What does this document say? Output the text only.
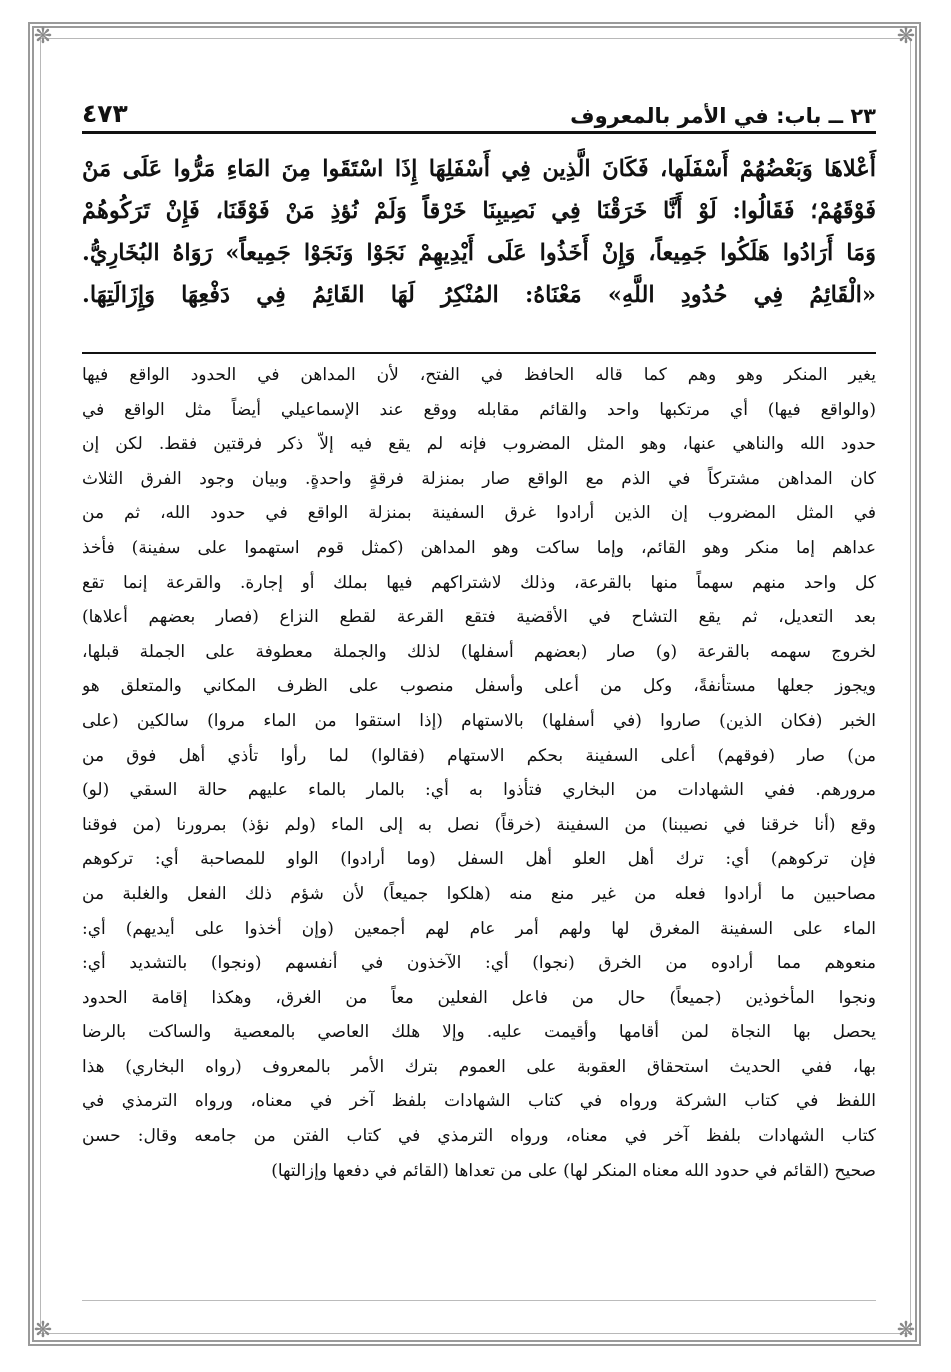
❋	❋
❋	❋
٢٣ ــ باب: في الأمر بالمعروف
٤٧٣

أَعْلاهَا وَبَعْضُهُمْ أَسْفَلَها، فَكَانَ الَّذِين فِي أَسْفَلِهَا إِذَا اسْتَقَوا مِنَ المَاءِ مَرُّوا عَلَى مَنْ

فَوْقَهُمْ؛ فَقَالُوا: لَوْ أَنَّا خَرَقْنَا فِي نَصِيبِنَا خَرْقاً وَلَمْ نُؤذِ مَنْ فَوْقَنَا، فَإِنْ تَرَكُوهُمْ

وَمَا أَرَادُوا هَلَكُوا جَمِيعاً، وَإِنْ أَخَذُوا عَلَى أَيْدِيهِمْ نَجَوْا وَنَجَوْا جَمِيعاً» رَوَاهُ البُخَارِيُّ.

«الْقَائِمُ فِي حُدُودِ اللَّهِ» مَعْنَاهُ: المُنْكِرُ لَهَا القَائِمُ فِي دَفْعِهَا وَإِزَالَتِهَا.

يغير المنكر وهو وهم كما قاله الحافظ في الفتح، لأن المداهن في الحدود الواقع فيها

(والواقع فيها) أي مرتكبها واحد والقائم مقابله ووقع عند الإسماعيلي أيضاً مثل الواقع في

حدود الله والناهي عنها، وهو المثل المضروب فإنه لم يقع فيه إلاّ ذكر فرقتين فقط. لكن إن

كان المداهن مشتركاً في الذم مع الواقع صار بمنزلة فرقةٍ واحدةٍ. وبيان وجود الفرق الثلاث

في المثل المضروب إن الذين أرادوا غرق السفينة بمنزلة الواقع في حدود الله، ثم من

عداهم إما منكر وهو القائم، وإما ساكت وهو المداهن (كمثل قوم استهموا على سفينة) فأخذ

كل واحد منهم سهماً منها بالقرعة، وذلك لاشتراكهم فيها بملك أو إجارة. والقرعة إنما تقع

بعد التعديل، ثم يقع التشاح في الأقضية فتقع القرعة لقطع النزاع (فصار بعضهم أعلاها)

لخروج سهمه بالقرعة (و) صار (بعضهم أسفلها) لذلك والجملة معطوفة على الجملة قبلها،

ويجوز جعلها مستأنفةً، وكل من أعلى وأسفل منصوب على الظرف المكاني والمتعلق هو

الخبر (فكان الذين) صاروا (في أسفلها) بالاستهام (إذا استقوا من الماء مروا) سالكين (على

من) صار (فوقهم) أعلى السفينة بحكم الاستهام (فقالوا) لما رأوا تأذي أهل فوق من

مرورهم. ففي الشهادات من البخاري فتأذوا به أي: بالمار بالماء عليهم حالة السقي (لو)

وقع (أنا خرقنا في نصيبنا) من السفينة (خرقاً) نصل به إلى الماء (ولم نؤذ) بمرورنا (من فوقنا

فإن تركوهم) أي: ترك أهل العلو أهل السفل (وما أرادوا) الواو للمصاحبة أي: تركوهم

مصاحبين ما أرادوا فعله من غير منع منه (هلكوا جميعاً) لأن شؤم ذلك الفعل والغلبة من

الماء على السفينة المغرق لها ولهم أمر عام لهم أجمعين (وإن أخذوا على أيديهم) أي:

منعوهم مما أرادوه من الخرق (نجوا) أي: الآخذون في أنفسهم (ونجوا) بالتشديد أي:

ونجوا المأخوذين (جميعاً) حال من فاعل الفعلين معاً من الغرق، وهكذا إقامة الحدود

يحصل بها النجاة لمن أقامها وأقيمت عليه. وإلا هلك العاصي بالمعصية والساكت بالرضا

بها، ففي الحديث استحقاق العقوبة على العموم بترك الأمر بالمعروف (رواه البخاري) هذا

اللفظ في كتاب الشركة ورواه في كتاب الشهادات بلفظ آخر في معناه، ورواه الترمذي في

كتاب الشهادات بلفظ آخر في معناه، ورواه الترمذي في كتاب الفتن من جامعه وقال: حسن

صحيح (القائم في حدود الله معناه المنكر لها) على من تعداها (القائم في دفعها وإزالتها)
